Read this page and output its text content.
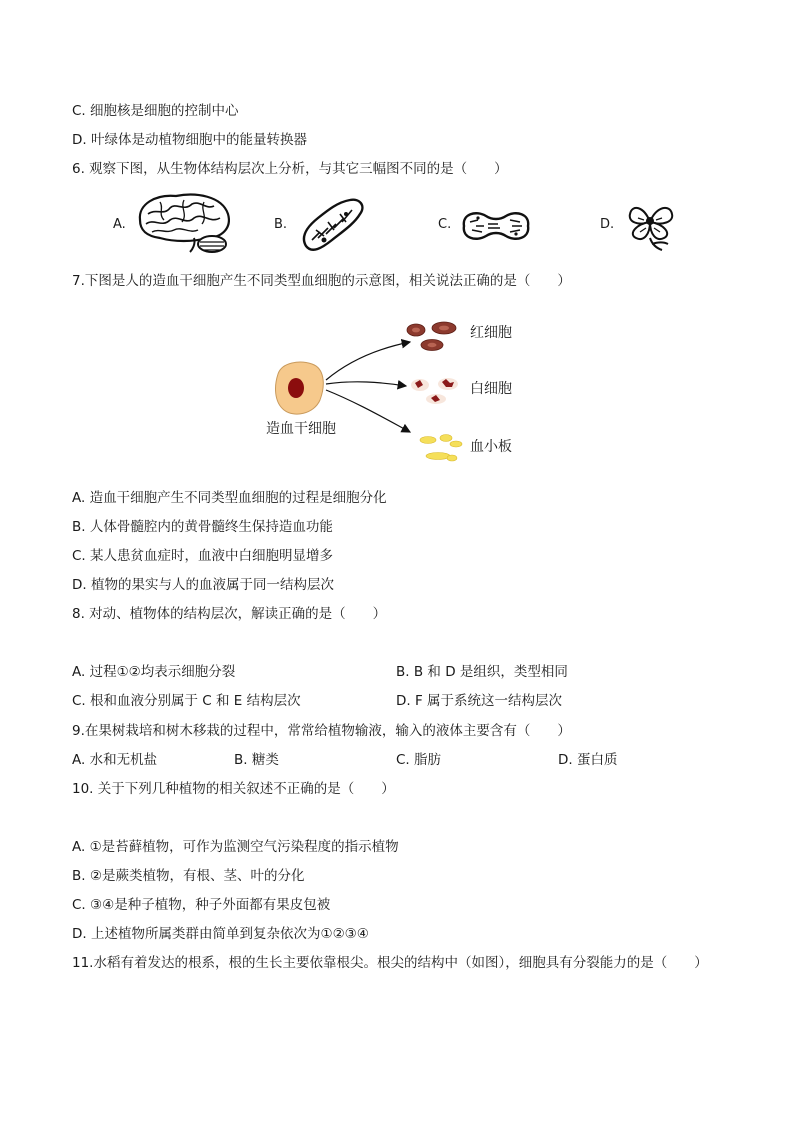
C. 细胞核是细胞的控制中心
D. 叶绿体是动植物细胞中的能量转换器
6. 观察下图，从生物体结构层次上分析，与其它三幅图不同的是（　　）
A.	B.	C.	D.
7.下图是人的造血干细胞产生不同类型血细胞的示意图，相关说法正确的是（　　）
造血干细胞
红细胞
白细胞
血小板
A. 造血干细胞产生不同类型血细胞的过程是细胞分化
B. 人体骨髓腔内的黄骨髓终生保持造血功能
C. 某人患贫血症时，血液中白细胞明显增多
D. 植物的果实与人的血液属于同一结构层次
8. 对动、植物体的结构层次，解读正确的是（　　）
A. 过程①②均表示细胞分裂	B. B 和 D 是组织，类型相同
C. 根和血液分别属于 C 和 E 结构层次	D. F 属于系统这一结构层次
9.在果树栽培和树木移栽的过程中，常常给植物输液，输入的液体主要含有（　　）
A. 水和无机盐	B. 糖类	C. 脂肪	D. 蛋白质
10. 关于下列几种植物的相关叙述不正确的是（　　）
A. ①是苔藓植物，可作为监测空气污染程度的指示植物
B. ②是蕨类植物，有根、茎、叶的分化
C. ③④是种子植物，种子外面都有果皮包被
D. 上述植物所属类群由简单到复杂依次为①②③④
11.水稻有着发达的根系，根的生长主要依靠根尖。根尖的结构中（如图），细胞具有分裂能力的是（　　）
